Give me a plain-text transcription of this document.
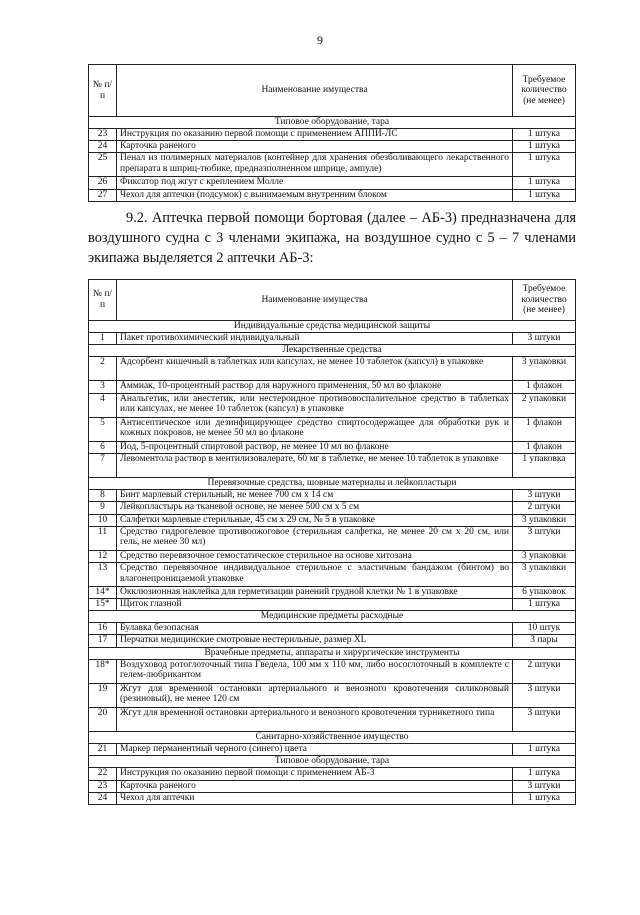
9
№ п/п	Наименование имущества	Требуемое количество (не менее)
Типовое оборудование, тара		
23	Инструкция по оказанию первой помощи с применением АППИ-ЛС	1 штука
24	Карточка раненого	1 штука
25	Пенал из полимерных материалов (контейнер для хранения обезболивающего лекарственного препарата в шприц-тюбике, предназполненном шприце, ампуле)	1 штука
26	Фиксатор под жгут с креплением Молле	1 штука
27	Чехол для аптечки (подсумок) с вынимаемым внутренним блоком	1 штука
9.2. Аптечка первой помощи бортовая (далее – АБ-3) предназначена для воздушного судна с 3 членами экипажа, на воздушное судно с 5 – 7 членами экипажа выделяется 2 аптечки АБ-3:
№ п/п	Наименование имущества	Требуемое количество (не менее)
Индивидуальные средства медицинской защиты		
1	Пакет противохимический индивидуальный	3 штуки
Лекарственные средства		
2	Адсорбент кишечный в таблетках или капсулах, не менее 10 таблеток (капсул) в упаковке	3 упаковки
3	Аммиак, 10-процентный раствор для наружного применения, 50 мл во флаконе	1 флакон
4	Анальгетик, или анестетик, или нестероидное противовоспалительное средство в таблетках или капсулах, не менее 10 таблеток (капсул) в упаковке	2 упаковки
5	Антисептическое или дезинфицирующее средство спиртосодержащее для обработки рук и кожных покровов, не менее 50 мл во флаконе	1 флакон
6	Йод, 5-процентный спиртовой раствор, не менее 10 мл во флаконе	1 флакон
7	Левоментола раствор в ментилизовалерате, 60 мг в таблетке, не менее 10 таблеток в упаковке	1 упаковка
Перевязочные средства, шовные материалы и лейкопластыри		
8	Бинт марлевый стерильный, не менее 700 см x 14 см	3 штуки
9	Лейкопластырь на тканевой основе, не менее 500 см x 5 см	2 штуки
10	Салфетки марлевые стерильные, 45 см x 29 см, № 5 в упаковке	3 упаковки
11	Средство гидрогелевое противоожоговое (стерильная салфетка, не менее 20 см x 20 см, или гель, не менее 30 мл)	3 штуки
12	Средство перевязочное гемостатическое стерильное на основе хитозана	3 упаковки
13	Средство перевязочное индивидуальное стерильное с эластичным бандажом (бинтом) во влагонепроницаемой упаковке	3 упаковки
14*	Окклюзионная наклейка для герметизации ранений грудной клетки № 1 в упаковке	6 упаковок
15*	Щиток глазной	1 штука
Медицинские предметы расходные		
16	Булавка безопасная	10 штук
17	Перчатки медицинские смотровые нестерильные, размер XL	3 пары
Врачебные предметы, аппараты и хирургические инструменты		
18*	Воздуховод ротоглоточный типа Гведела, 100 мм x 110 мм, либо носоглоточный в комплекте с гелем-любрикантом	2 штуки
19	Жгут для временной остановки артериального и венозного кровотечения силиконовый (резиновый), не менее 120 см	3 штуки
20	Жгут для временной остановки артериального и венозного кровотечения турникетного типа	3 штуки
Санитарно-хозяйственное имущество		
21	Маркер перманентный черного (синего) цвета	1 штука
Типовое оборудование, тара		
22	Инструкция по оказанию первой помощи с применением АБ-3	1 штука
23	Карточка раненого	3 штуки
24	Чехол для аптечки	1 штука
